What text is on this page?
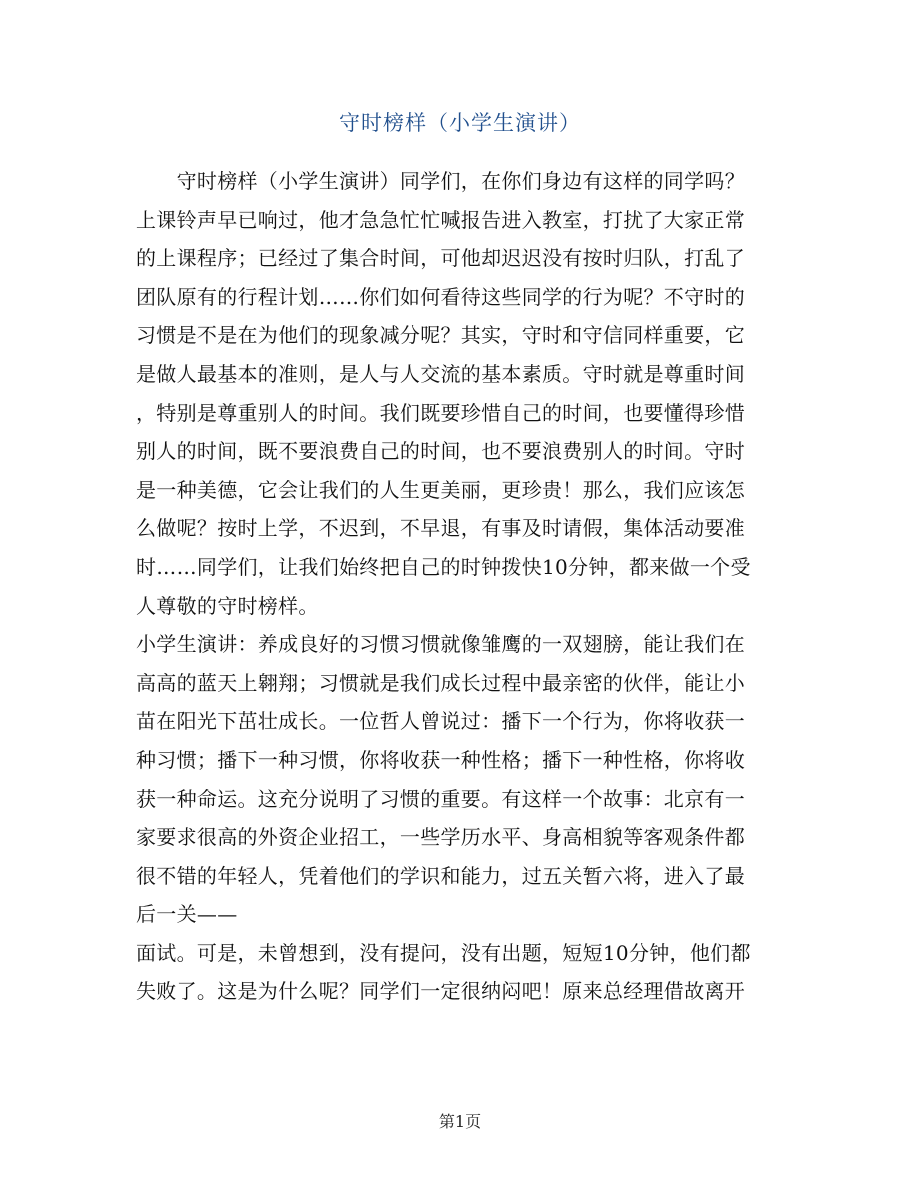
守时榜样（小学生演讲）
　　守时榜样（小学生演讲）同学们，在你们身边有这样的同学吗？
上课铃声早已响过，他才急急忙忙喊报告进入教室，打扰了大家正常
的上课程序；已经过了集合时间，可他却迟迟没有按时归队，打乱了
团队原有的行程计划……你们如何看待这些同学的行为呢？不守时的
习惯是不是在为他们的现象减分呢？其实，守时和守信同样重要，它
是做人最基本的准则，是人与人交流的基本素质。守时就是尊重时间
，特别是尊重别人的时间。我们既要珍惜自己的时间，也要懂得珍惜
别人的时间，既不要浪费自己的时间，也不要浪费别人的时间。守时
是一种美德，它会让我们的人生更美丽，更珍贵！那么，我们应该怎
么做呢？按时上学，不迟到，不早退，有事及时请假，集体活动要准
时……同学们，让我们始终把自己的时钟拨快10分钟，都来做一个受
人尊敬的守时榜样。
小学生演讲：养成良好的习惯习惯就像雏鹰的一双翅膀，能让我们在
高高的蓝天上翱翔；习惯就是我们成长过程中最亲密的伙伴，能让小
苗在阳光下茁壮成长。一位哲人曾说过：播下一个行为，你将收获一
种习惯；播下一种习惯，你将收获一种性格；播下一种性格，你将收
获一种命运。这充分说明了习惯的重要。有这样一个故事：北京有一
家要求很高的外资企业招工，一些学历水平、身高相貌等客观条件都
很不错的年轻人，凭着他们的学识和能力，过五关暂六将，进入了最
后一关——
面试。可是，未曾想到，没有提问，没有出题，短短10分钟，他们都
失败了。这是为什么呢？同学们一定很纳闷吧！原来总经理借故离开
第1页
